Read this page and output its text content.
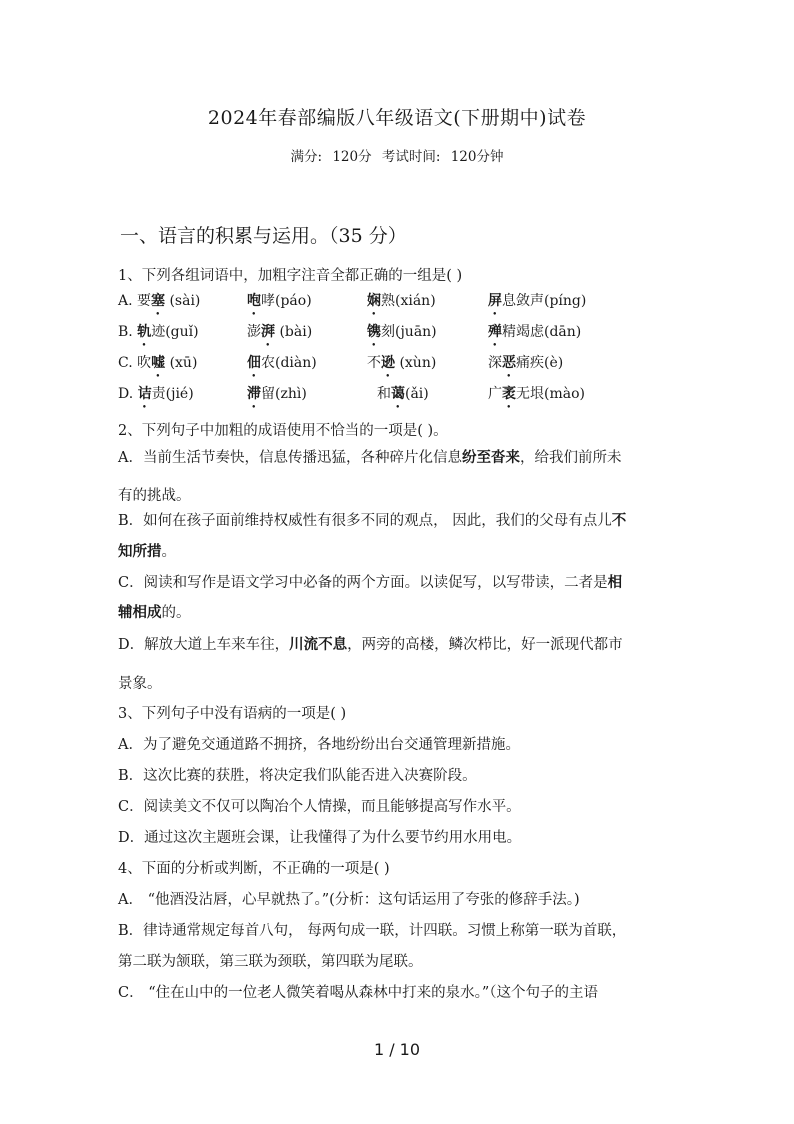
2024年春部编版八年级语文(下册期中)试卷
满分: 120分 考试时间: 120分钟
一、语言的积累与运用。（35 分）
1、下列各组词语中，加粗字注音全都正确的一组是( )
A. 要塞 (sài)	咆哮(páo)	娴熟(xián)	屏息敛声(píng)
B. 轨迹(guǐ)	澎湃 (bài)	镌刻(juān)	殚精竭虑(dān)
C. 吹嘘 (xū)	佃农(diàn)	不逊 (xùn)	深恶痛疾(è)
D. 诘责(jié)	滞留(zhì)	和蔼(ǎi)	广袤无垠(mào)
2、下列句子中加粗的成语使用不恰当的一项是( )。
A．当前生活节奏快，信息传播迅猛，各种碎片化信息纷至沓来，给我们前所未
有的挑战。
B．如何在孩子面前维持权威性有很多不同的观点， 因此，我们的父母有点儿不
知所措。
C．阅读和写作是语文学习中必备的两个方面。以读促写，以写带读，二者是相
辅相成的。
D．解放大道上车来车往，川流不息，两旁的高楼，鳞次栉比，好一派现代都市
景象。
3、下列句子中没有语病的一项是( )
A．为了避免交通道路不拥挤，各地纷纷出台交通管理新措施。
B．这次比赛的获胜，将决定我们队能否进入决赛阶段。
C．阅读美文不仅可以陶冶个人情操，而且能够提高写作水平。
D．通过这次主题班会课，让我懂得了为什么要节约用水用电。
4、下面的分析或判断，不正确的一项是( )
A． “他酒没沾唇，心早就热了。”(分析：这句话运用了夸张的修辞手法。)
B．律诗通常规定每首八句， 每两句成一联，计四联。习惯上称第一联为首联，
第二联为颔联，第三联为颈联，第四联为尾联。
C． “住在山中的一位老人微笑着喝从森林中打来的泉水。”（这个句子的主语
1 / 10
